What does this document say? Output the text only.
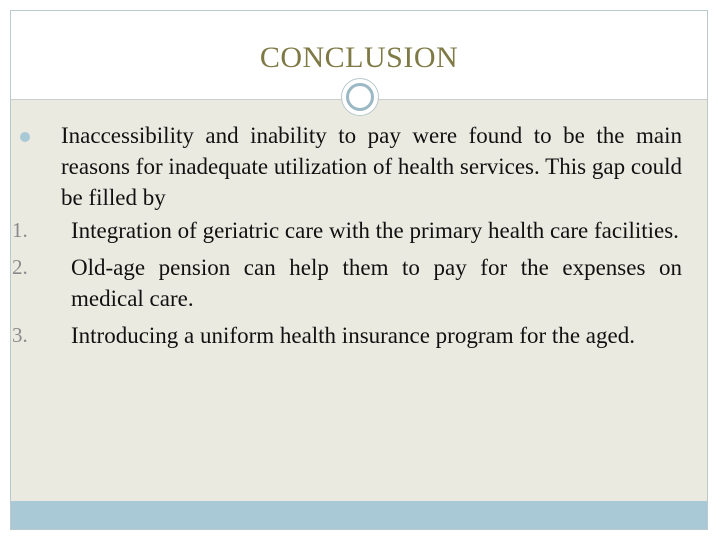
CONCLUSION
Inaccessibility and inability to pay were found to be the main reasons for inadequate utilization of health services. This gap could be filled by
1.	Integration of geriatric care with the primary health care facilities.
2.	Old-age pension can help them to pay for the expenses on medical care.
3.	Introducing a uniform health insurance program for the aged.
